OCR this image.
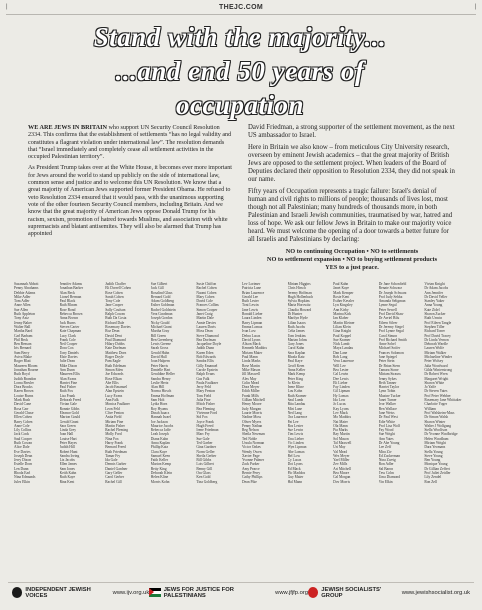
|	THEJC.COM	|
Stand with the majority...
...and end 50 years of occupation

WE ARE JEWS IN BRITAIN who support UN Security Council Resolution 2334. This confirms that the establishment of settlements “has no legal validity and constitutes a flagrant violation under international law”. The resolution demands that “Israel immediately and completely cease all settlement activities in the occupied Palestinian territory”.

As President Trump takes over at the White House, it becomes ever more important for Jews around the world to stand up publicly on the side of international law, common sense and justice and to welcome this UN Resolution. We know that a great majority of American Jews supported former President Obama. He refused to veto Resolution 2334 ensured that it would pass, with the unanimous supporting vote of the other fourteen Security Council members, including Britain. And we know that the great majority of American Jews oppose Donald Trump for his racism, sexism, promotion of hatred towards Muslims, and association with white supremacists and blatant antisemites. They will also be alarmed that Trump has appointed

David Friedman, a strong supporter of the settlement movement, as the next US ambassador to Israel.

Here in Britain we also know – from meticulous City University research, overseen by eminent Jewish academics – that the great majority of British Jews are opposed to the settlement project. When leaders of the Board of Deputies declared their opposition to Resolution 2334, they did not speak in our name.

Fifty years of Occupation represents a tragic failure: Israel's denial of human and civil rights to millions of people; thousands of lives lost, most though not all Palestinian; many hundreds of thousands more, in both Palestinian and Israeli Jewish communities, traumatised by war, hatred and loss of hope. We ask our fellow Jews in Britain to make our majority voice heard. We must welcome the opening of a door towards a better future for all Israelis and Palestinians by declaring:

NO to continuing Occupation • NO to settlements
NO to settlement expansion • NO to buying settlement products
YES to a just peace.
Susannah Abbott
Penny Abrahams
Debbie Adams
Mike Adler
Tom Adler
Anne Allen
Sue Allen
Ruth Appleton
Tony Aziz
Jenny Baker
Walter Ball
Martha Bard
Carl Barham
Phil Beck
Ben Benson
Iris Bernard
Sam Berry
Aviva Blake
Roger Blatt
Maureen Bloom
Jonathan Bourne
Ruth Boyd
Judith Brandon
Lorna Bresler
Dora Brooks
Karen Brown
Louise Burns
Mark Bush
David Cane
Rosa Carr
Gerald Chase
Ellen Cohen
Barry Cohen
Anne Cole
Lily Collins
Jack Cook
Saul Cooper
Ruth Cowan
Alice Dale
Eve Davies
Joseph Dean
Jerry Dixon
Estelle Dorn
Len Dunn
Rhoda Earl
Nina Edmunds
Jules Elkin
Jennifer Adams
Jonathan Barker
Alan Beck
Lionel Berman
Paul Black
Ruth Bloom
Rose Bond
Rebecca Brown
Anna Brown
Jack Burns
Steven Carter
Kate Chapman
Lucy Clark
Frank Cole
Neil Cooper
Dora Cox
Tony Daniels
Elsie Davies
Julie Dean
Mike Dixon
Ann Dunn
Maureen Ellis
Alan Evans
Harriet Fine
Paul Fisher
Ruth Fox
Lisa Frank
Deborah Freed
Vivian Gale
Ronnie Gibbs
Eleanor Gold
Marion Gould
Gerald Grant
Sara Green
Linda Grey
Joan Hall
Louise Hart
Peter Hayes
Judith Hill
Robert Hunt
Sandra Irving
Liz Jacobs
Ellen James
Sam Jones
Keith Kahn
Ruth Kaye
Rina Kent
Judith Chaffer
Eli Dorrell Cohen
Rose Cohen
Sarah Cohen
Tony Cole
Jane Cooper
Sally Coulson
Ralph Cowan
Ruth Da Costa
Richard Dale
Rosemary Davies
Roz Dean
David Dent
Paul Diamond
Hilary Dobbs
Kate Dorfman
Matthew Dorn
Roger Doyle
Pam Eagle
Ruth Edelman
Simon Eden
Joe Edwards
Rose Elkan
Abe Ellis
Jacob Emanuel
Alan Epstein
Lucy Evans
Ann Falk
Monica Faulkner
Leon Feld
Clive Fenton
Anita Field
Miriam Fine
Martin Fisher
Rachel Fleming
Molly Ford
Nina Fox
Harry Frank
Bernard Freed
Ruth Friedman
Tamar Fry
Ida Gale
Dennis Garber
Daniel Gardner
Gary Geller
Carol Gerber
Rachel Gill
Sue Gilbert
Jack Gill
Rosalind Glass
Bernard Gold
Adam Goldberg
Esther Goldman
Rachel Goldstein
Vera Goodman
Joseph Gordon
Nicky Gould
Michael Grant
Martha Gray
Bill Green
Ben Greenberg
Lewis Greene
Sarah Gross
Gerald Hahn
David Hall
Joan Halpern
Peter Harris
Danielle Hart
Geraldine Heller
Sandra Henry
Leslie Hertz
Alan Hill
Norma Hirsch
Emma Hoffman
Sam Holt
Lydia Horn
Roy Hyams
Dinah Isaacs
Hannah Israel
Joe Jackson
Maurice Jacobs
Rebecca Jaffe
Leah Joseph
Diana Kahn
Anna Kaplan
Phillip Katz
Clara Kaye
Samuel Keen
Faith Keller
Marion Kemp
Betty King
Deborah Klein
Helen Kline
Morris Kohn
Susie Chiffon
Rachel Cohen
Naomi Cohen
Mary Cohen
David Cole
Frances Collins
Simon Cooper
Janet Craig
Martin Dale
Annie Davies
Lauren Davis
Moss Dean
Steve Diamond
Bea Dorfman
Jacqueline Doyle
Judith Dunn
Karen Eden
Bob Edwards
Sandra Ellis
Gilly Emanuel
Carole Epstein
Ralph Evans
Gus Falk
Paula Faulkner
Jerry Feld
Mary Fenton
Tom Field
Julia Fine
Mitch Fisher
Bea Fleming
Vivienne Ford
Sid Fox
Joyce Frank
Hugh Freed
Irene Friedman
Marc Fry
Sue Gale
Ted Garber
Gina Gardner
Norm Geller
Sheila Gerber
Bill Gibbs
Lois Gilbert
Benny Gill
Ora Glass
Ken Gold
Tina Goldberg
Lev Lorimer
Patricia Lane
Brian Laurence
Gerald Lee
Ruth Lester
Toni Lewin
Jane Lewis
Ronald Lieber
Laura Linden
Barry Lipman
Emma Lomax
Ivan Low
Debra Lucas
David Lyons
Alison Mack
Kenneth Maddox
Miriam Maier
Paul Mann
Linda Marks
Rose Martin
Mike Mason
Jill Maxwell
Alex May
Colin Mead
Dora Meyer
Edith Miller
Frank Mills
Gillian Mitchell
Henry Moore
Judy Morgan
Laurie Morris
Nadine Moss
Oliver Myers
Penny Nathan
Reg Nelson
Sheila Newman
Ted Noble
Ursula Norman
Victor Oakes
Wendy Owen
Xavier Page
Yvonne Palmer
Zack Parker
Amy Pearce
Bernie Perry
Cathy Phillips
Dean Pike
Miriam Higgins
Chris Hirsch
Jeremy Hoffman
Hugh Hollenbach
Sylvia Hopkins
Maria Horowitz
Claudia Howard
Di Hunter
Marilyn Hyde
Lilian Isaacs
Ruth Jacobs
Celia James
Tom Jenkins
Marian Johns
Gary Jones
Carol Kahn
Sara Kaplan
Rhoda Katz
Paul Kaye
Geoff Keen
Anna Keller
Mark Kemp
Peter King
Jo Klein
Irene Kline
Lou Kohn
Ruth Kramer
Saul Lamb
Rita Landau
Miri Lane
Ned Lang
Ora Laurence
Pat Lee
Ros Lester
Sue Lewin
Tim Lewis
Una Lieber
Vic Linden
Wyn Lipman
Abe Lomax
Bel Low
Cy Lucas
Dot Lyons
Ed Mack
Flo Maddox
Guy Maier
Hal Mann
Paul Kahn
Janet Kaye
Mark Kemper
Rosie Kent
Esther Kessler
Lyn Kingsley
Ann Kirby
Marina Kirk
Ian Klaber
Martin Kleiner
Lilian Klein
Gina Knight
Paul Koppel
Sue Kramer
Nick Lamb
Maya Landau
Dan Lane
Rob Lang
Vera Laurence
Will Lee
Bea Lester
Cal Lewin
Dee Lewis
Eli Lieber
Fay Linden
Gil Lipman
Hy Lomax
Ida Low
Jo Lucas
Kay Lyons
Lev Mack
Mo Maddox
Nat Maier
Ola Mann
Pia Marks
Ray Martin
Sol Mason
Tal Maxwell
Uri May
Val Mead
Wes Meyer
Yael Miller
Zev Mills
Ari Mitchell
Bea Moore
Cal Morgan
Dov Morris
Dr Jane Schonfield
Renate Schwarz
Dr Joseph Schwarz
Prof Judy Sebba
Amanda Seligman
Lynne Segal
Peter Sewell
Prof David Shaw
Dr Avriel Bilu
Eileen Silver
Dr Jeremy Siegel
Prof Lynne Segal
Carol Simon
Prof Richard Smith
Anne Sobel
Michael Soifer
Frances Solomon
Jane Spiegel
Peter Stein
Dr Brian Stern
Tamara Stone
Miriam Strauss
Jenny Sykes
Beth Tanner
Harriet Taylor
Lynn Tobin
Maxine Tucker
Janet Turner
Ivor Walker
Ben Wallace
Jane Weiss
Dr Paul West
Edie White
Prof Lisa Wolf
Fay Wood
Sue Wright
Ann Yates
Dr Abe Young
Lee Zeff
Mira Ziv
Ed Zuckerman
Nina Zweig
Ron Adler
Sal Baron
Tess Cohn
Uma Diamond
Vin Elkin
Vivian Knight
Dr Adam Jacobs
Ann Jennifer
Dr David Yeller
Stanley Yaker
Anna Young
Kate Zidel
Sharon Zucker
Ruth Unwin
Prof Eileen Tangle
Stephen Tiller
Richard Toner
Prof David Tracey
Dr Linda Vernon
Deborah Wardle
Lauren Wolfe
Miriam Walker
Michaeline Winder
Peter Wolsey
Julia Woodward
Gilda Winterstrong
Dr Robert Wren
Margaret Wright
Sharon White
Jo Yaffe
Dr Steven Yates
Prof Peter Webber
Rosemary Jane Whittaker
Charlotte Yoger
William
Prof Walsheim-Mass
Dr Simon Walsh
Sharon Winter
Walter J Wolfgang
Stella Woolfson
Dr Yvonne Woolbridge
Helen Woodham
Miriam Wright
Dara Yeomans
Stella Young
Steve Young
Ben Young
Monique Young
Dr Gillian Zeffert
Prof Juliet Zeidler
Lily Zendel
Ron Zell
INDEPENDENT JEWISH VOICES	www.ijv.org.uk JEWS FOR JUSTICE FOR PALESTINIANS	www.jfjfp.org JEWISH SOCIALISTS' GROUP	www.jewishsocialist.org.uk
